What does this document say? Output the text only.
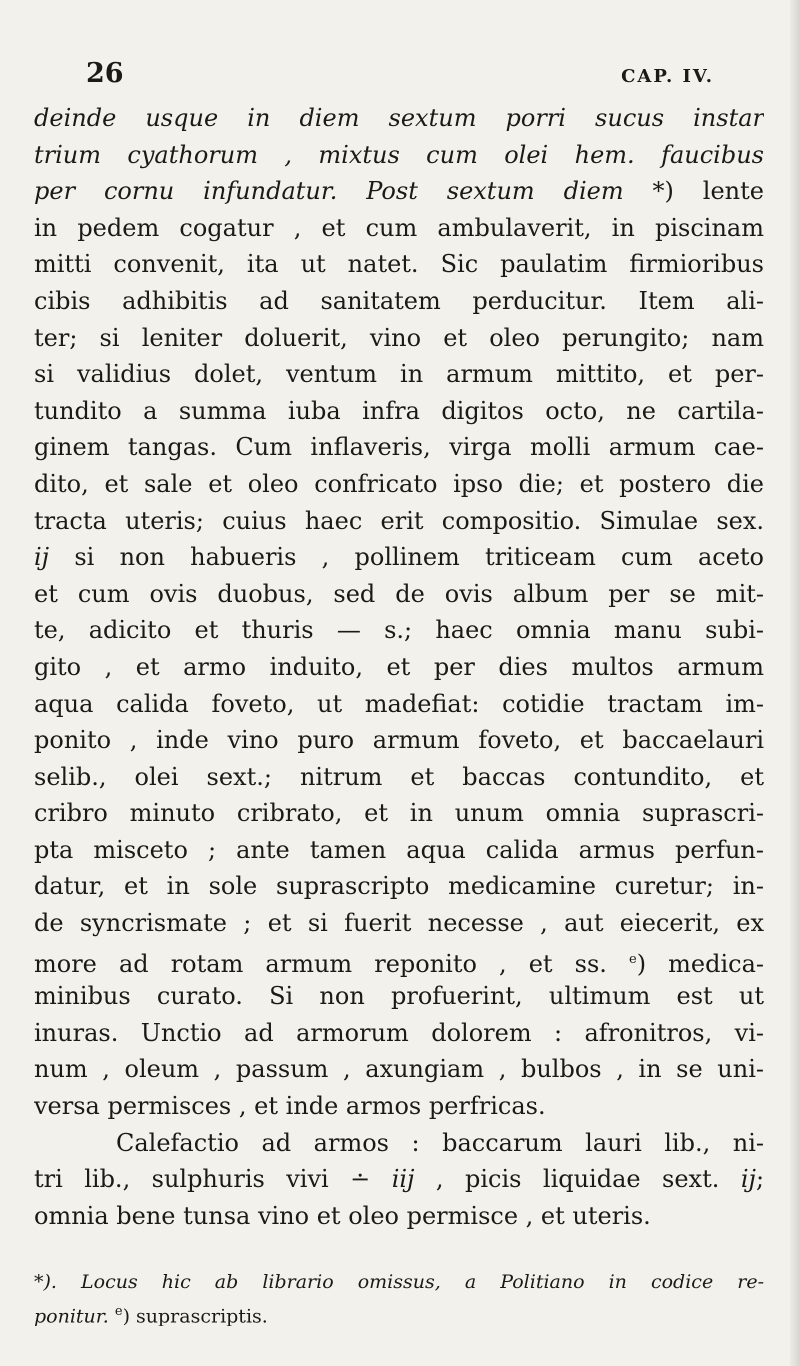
26	CAP. IV.
deinde usque in diem sextum porri sucus instar
trium cyathorum , mixtus cum olei hem. faucibus
per cornu infundatur. Post sextum diem *) lente
in pedem cogatur , et cum ambulaverit, in piscinam
mitti convenit, ita ut natet. Sic paulatim firmioribus
cibis adhibitis ad sanitatem perducitur. Item ali-
ter; si leniter doluerit, vino et oleo perungito; nam
si validius dolet, ventum in armum mittito, et per-
tundito a summa iuba infra digitos octo, ne cartila-
ginem tangas. Cum inflaveris, virga molli armum cae-
dito, et sale et oleo confricato ipso die; et postero die
tracta uteris; cuius haec erit compositio. Simulae sex.
ij si non habueris , pollinem triticeam cum aceto
et cum ovis duobus, sed de ovis album per se mit-
te, adicito et thuris — s.; haec omnia manu subi-
gito , et armo induito, et per dies multos armum
aqua calida foveto, ut madefiat: cotidie tractam im-
ponito , inde vino puro armum foveto, et baccaelauri
selib., olei sext.; nitrum et baccas contundito, et
cribro minuto cribrato, et in unum omnia suprascri-
pta misceto ; ante tamen aqua calida armus perfun-
datur, et in sole suprascripto medicamine curetur; in-
de syncrismate ; et si fuerit necesse , aut eiecerit, ex
more ad rotam armum reponito , et ss. $^e$) medica-
minibus curato. Si non profuerint, ultimum est ut
inuras. Unctio ad armorum dolorem : afronitros, vi-
num , oleum , passum , axungiam , bulbos , in se uni-
versa permisces , et inde armos perfricas.
Calefactio ad armos : baccarum lauri lib., ni-
tri lib., sulphuris vivi ∸ iij , picis liquidae sext. ij;
omnia bene tunsa vino et oleo permisce , et uteris.
*). Locus hic ab librario omissus, a Politiano in codice re-
ponitur. $^e$) suprascriptis.
